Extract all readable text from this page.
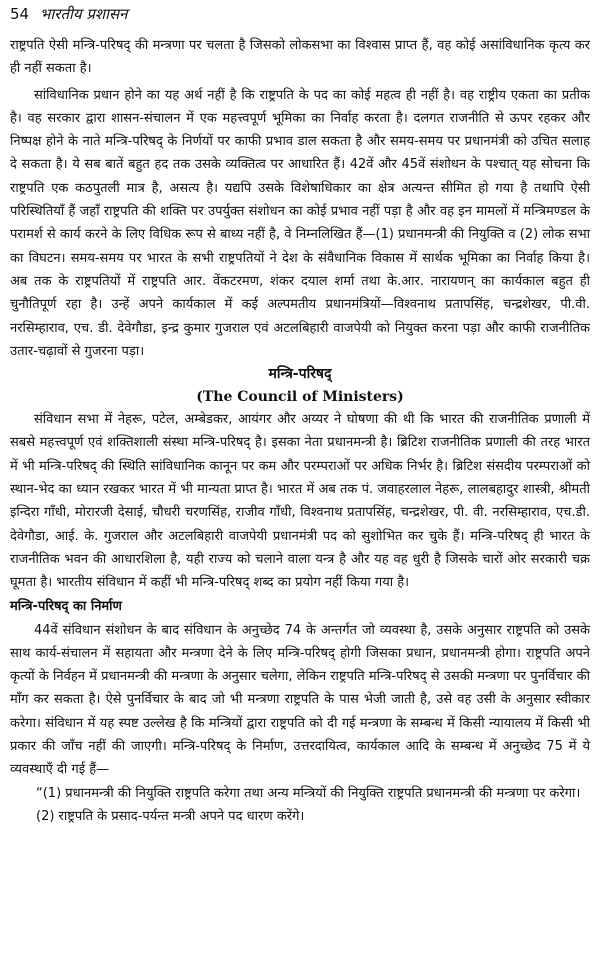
54 भारतीय प्रशासन

राष्ट्रपति ऐसी मन्त्रि-परिषद् की मन्त्रणा पर चलता है जिसको लोकसभा का विश्वास प्राप्त हैं, वह कोई असांविधानिक कृत्य कर ही नहीं सकता है।

सांविधानिक प्रधान होने का यह अर्थ नहीं है कि राष्ट्रपति के पद का कोई महत्व ही नहीं है। वह राष्ट्रीय एकता का प्रतीक है। वह सरकार द्वारा शासन-संचालन में एक महत्त्वपूर्ण भूमिका का निर्वाह करता है। दलगत राजनीति से ऊपर रहकर और निष्पक्ष होने के नाते मन्त्रि-परिषद् के निर्णयों पर काफी प्रभाव डाल सकता है और समय-समय पर प्रधानमंत्री को उचित सलाह दे सकता है। ये सब बातें बहुत हद तक उसके व्यक्तित्व पर आधारित हैं। 42वें और 45वें संशोधन के पश्चात् यह सोचना कि राष्ट्रपति एक कठपुतली मात्र है, असत्य है। यद्यपि उसके विशेषाधिकार का क्षेत्र अत्यन्त सीमित हो गया है तथापि ऐसी परिस्थितियाँ हैं जहाँ राष्ट्रपति की शक्ति पर उपर्युक्त संशोधन का कोई प्रभाव नहीं पड़ा है और वह इन मामलों में मन्त्रिमण्डल के परामर्श से कार्य करने के लिए विधिक रूप से बाध्य नहीं है, वे निम्नलिखित हैं—(1) प्रधानमन्त्री की नियुक्ति व (2) लोक सभा का विघटन। समय-समय पर भारत के सभी राष्ट्रपतियों ने देश के संवैधानिक विकास में सार्थक भूमिका का निर्वाह किया है। अब तक के राष्ट्रपतियों में राष्ट्रपति आर. वेंकटरमण, शंकर दयाल शर्मा तथा के.आर. नारायणन् का कार्यकाल बहुत ही चुनौतिपूर्ण रहा है। उन्हें अपने कार्यकाल में कई अल्पमतीय प्रधानमंत्रियों—विश्वनाथ प्रतापसिंह, चन्द्रशेखर, पी.वी. नरसिम्हाराव, एच. डी. देवेगौडा, इन्द्र कुमार गुजराल एवं अटलबिहारी वाजपेयी को नियुक्त करना पड़ा और काफी राजनीतिक उतार-चढ़ावों से गुजरना पड़ा।

मन्त्रि-परिषद्

(The Council of Ministers)

संविधान सभा में नेहरू, पटेल, अम्बेडकर, आयंगर और अय्यर ने घोषणा की थी कि भारत की राजनीतिक प्रणाली में सबसे महत्त्वपूर्ण एवं शक्तिशाली संस्था मन्त्रि-परिषद् है। इसका नेता प्रधानमन्त्री है। ब्रिटिश राजनीतिक प्रणाली की तरह भारत में भी मन्त्रि-परिषद् की स्थिति सांविधानिक कानून पर कम और परम्पराओं पर अधिक निर्भर है। ब्रिटिश संसदीय परम्पराओं को स्थान-भेद का ध्यान रखकर भारत में भी मान्यता प्राप्त है। भारत में अब तक पं. जवाहरलाल नेहरू, लालबहादुर शास्त्री, श्रीमती इन्दिरा गाँधी, मोरारजी देसाई, चौधरी चरणसिंह, राजीव गाँधी, विश्वनाथ प्रतापसिंह, चन्द्रशेखर, पी. वी. नरसिम्हाराव, एच.डी. देवेगौडा, आई. के. गुजराल और अटलबिहारी वाजपेयी प्रधानमंत्री पद को सुशोभित कर चुके हैं। मन्त्रि-परिषद् ही भारत के राजनीतिक भवन की आधारशिला है, यही राज्य को चलाने वाला यन्त्र है और यह वह धुरी है जिसके चारों ओर सरकारी चक्र घूमता है। भारतीय संविधान में कहीं भी मन्त्रि-परिषद् शब्द का प्रयोग नहीं किया गया है।

मन्त्रि-परिषद् का निर्माण

44वें संविधान संशोधन के बाद संविधान के अनुच्छेद 74 के अन्तर्गत जो व्यवस्था है, उसके अनुसार राष्ट्रपति को उसके साथ कार्य-संचालन में सहायता और मन्त्रणा देने के लिए मन्त्रि-परिषद् होगी जिसका प्रधान, प्रधानमन्त्री होगा। राष्ट्रपति अपने कृत्यों के निर्वहन में प्रधानमन्त्री की मन्त्रणा के अनुसार चलेगा, लेकिन राष्ट्रपति मन्त्रि-परिषद् से उसकी मन्त्रणा पर पुनर्विचार की माँग कर सकता है। ऐसे पुनर्विचार के बाद जो भी मन्त्रणा राष्ट्रपति के पास भेजी जाती है, उसे वह उसी के अनुसार स्वीकार करेगा। संविधान में यह स्पष्ट उल्लेख है कि मन्त्रियों द्वारा राष्ट्रपति को दी गई मन्त्रणा के सम्बन्ध में किसी न्यायालय में किसी भी प्रकार की जाँच नहीं की जाएगी। मन्त्रि-परिषद् के निर्माण, उत्तरदायित्व, कार्यकाल आदि के सम्बन्ध में अनुच्छेद 75 में ये व्यवस्थाएँ दी गई हैं—

“(1) प्रधानमन्त्री की नियुक्ति राष्ट्रपति करेगा तथा अन्य मन्त्रियों की नियुक्ति राष्ट्रपति प्रधानमन्त्री की मन्त्रणा पर करेगा।

(2) राष्ट्रपति के प्रसाद-पर्यन्त मन्त्री अपने पद धारण करेंगे।
